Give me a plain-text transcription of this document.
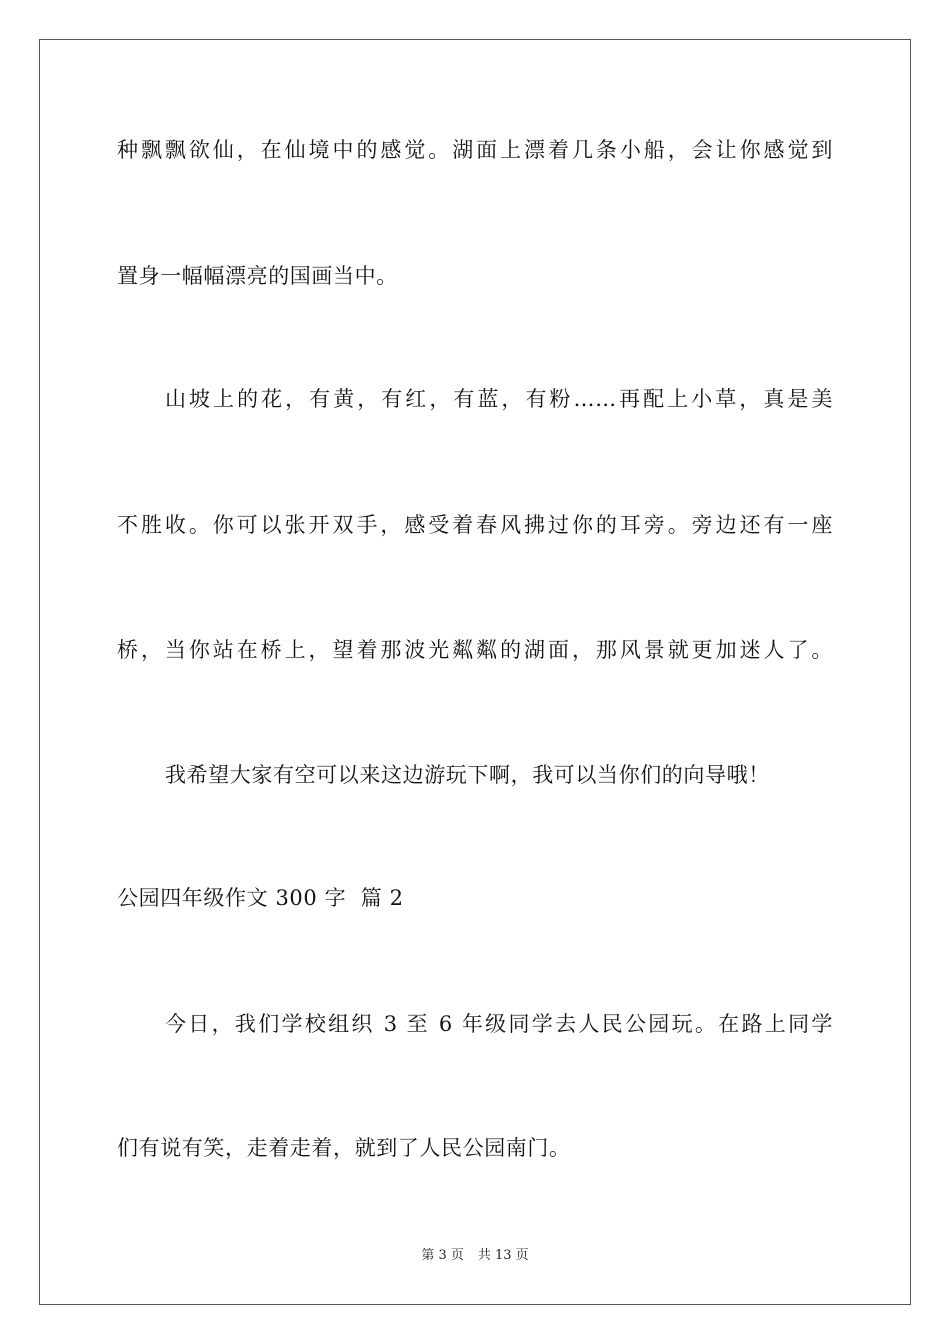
种飘飘欲仙，在仙境中的感觉。湖面上漂着几条小船，会让你感觉到
置身一幅幅漂亮的国画当中。
山坡上的花，有黄，有红，有蓝，有粉……再配上小草，真是美
不胜收。你可以张开双手，感受着春风拂过你的耳旁。旁边还有一座
桥，当你站在桥上，望着那波光粼粼的湖面，那风景就更加迷人了。
我希望大家有空可以来这边游玩下啊，我可以当你们的向导哦！
公园四年级作文 300 字  篇 2
今日，我们学校组织 3 至 6 年级同学去人民公园玩。在路上同学
们有说有笑，走着走着，就到了人民公园南门。
第 3 页 共 13 页
